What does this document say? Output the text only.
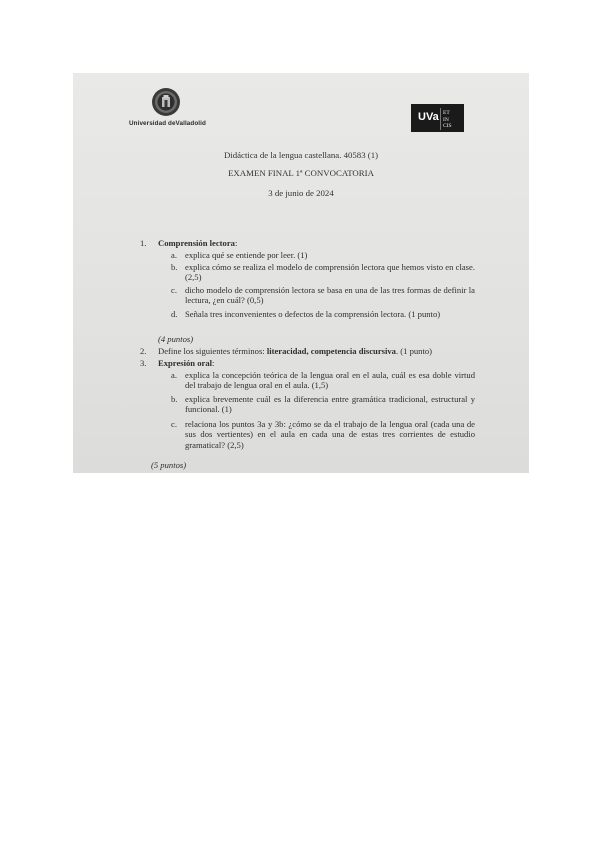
Universidad deValladolid
UVa ET
IN
CIS
Didáctica de la lengua castellana. 40583 (1)
EXAMEN FINAL 1ª CONVOCATORIA
3 de junio de 2024
1. Comprensión lectora:
a. explica qué se entiende por leer. (1)
b. explica cómo se realiza el modelo de comprensión lectora que hemos visto en clase. (2,5)
c. dicho modelo de comprensión lectora se basa en una de las tres formas de definir la lectura, ¿en cuál? (0,5)
d. Señala tres inconvenientes o defectos de la comprensión lectora. (1 punto)
(4 puntos)
2. Define los siguientes términos: literacidad, competencia discursiva. (1 punto)
3. Expresión oral:
a. explica la concepción teórica de la lengua oral en el aula, cuál es esa doble virtud del trabajo de lengua oral en el aula. (1,5)
b. explica brevemente cuál es la diferencia entre gramática tradicional, estructural y funcional. (1)
c. relaciona los puntos 3a y 3b: ¿cómo se da el trabajo de la lengua oral (cada una de sus dos vertientes) en el aula en cada una de estas tres corrientes de estudio gramatical? (2,5)
(5 puntos)
